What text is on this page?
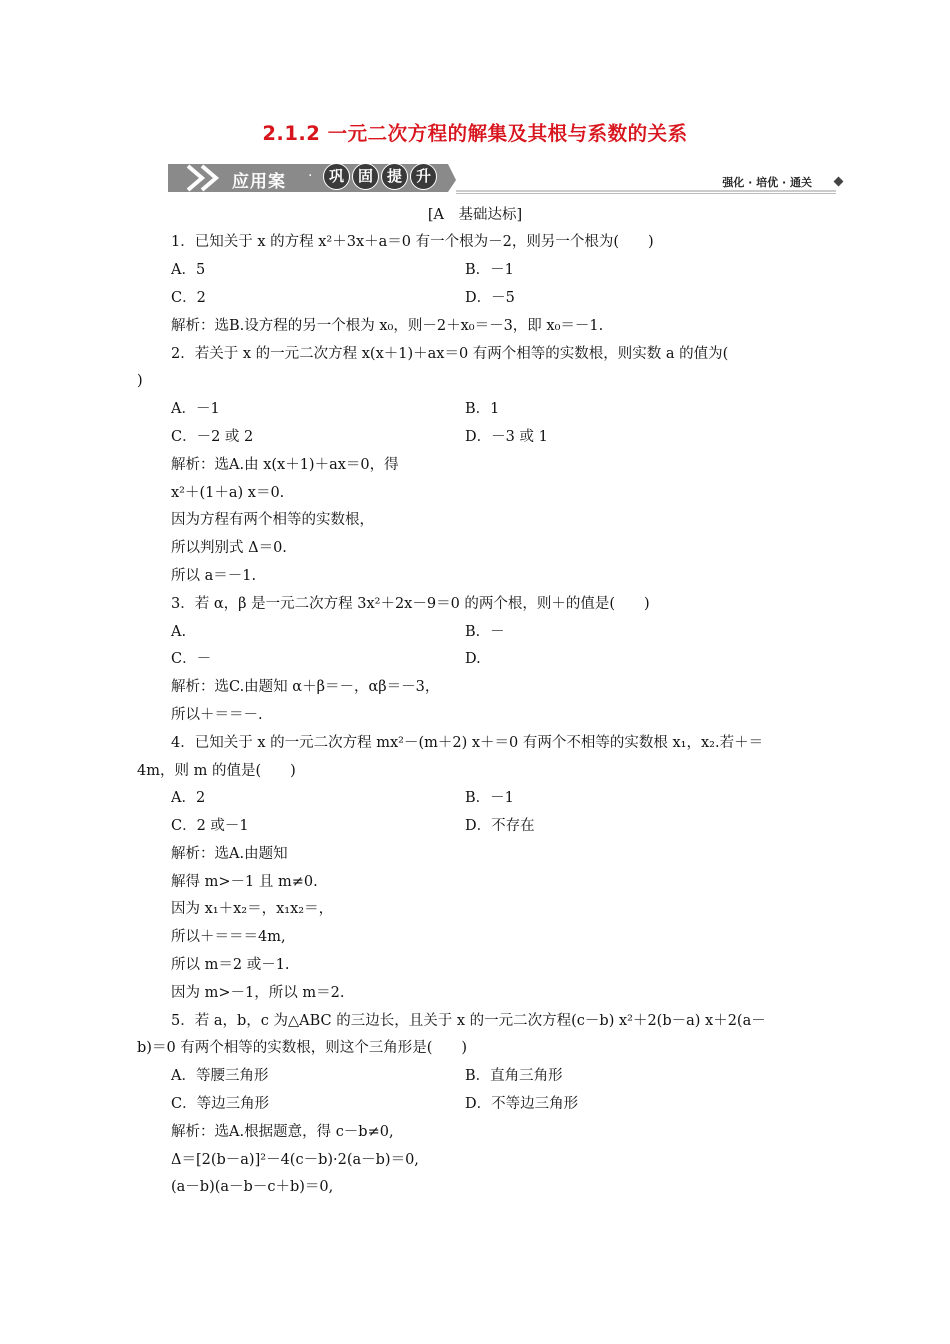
2.1.2 一元二次方程的解集及其根与系数的关系
应用案 ·	巩 固 提 升	强化 · 培优 · 通关
[A　基础达标]
1．已知关于 x 的方程 x²＋3x＋a＝0 有一个根为－2，则另一个根为(　　)
A．5	B．－1
C．2	D．－5
解析：选B.设方程的另一个根为 x₀，则－2＋x₀＝－3，即 x₀＝－1.
2．若关于 x 的一元二次方程 x(x＋1)＋ax＝0 有两个相等的实数根，则实数 a 的值为(
)
A．－1	B．1
C．－2 或 2	D．－3 或 1
解析：选A.由 x(x＋1)＋ax＝0，得
x²＋(1＋a) x＝0.
因为方程有两个相等的实数根，
所以判别式 Δ＝0.
所以 a＝－1.
3．若 α，β 是一元二次方程 3x²＋2x－9＝0 的两个根，则＋的值是(　　)
A.	B．－
C．－	D.
解析：选C.由题知 α＋β＝－，αβ＝－3，
所以＋＝＝－.
4．已知关于 x 的一元二次方程 mx²－(m＋2) x＋＝0 有两个不相等的实数根 x₁，x₂.若＋＝
4m，则 m 的值是(　　)
A．2	B．－1
C．2 或－1	D．不存在
解析：选A.由题知
解得 m>－1 且 m≠0.
因为 x₁＋x₂＝，x₁x₂＝，
所以＋＝＝＝4m,
所以 m＝2 或－1.
因为 m>－1，所以 m＝2.
5．若 a，b，c 为△ABC 的三边长，且关于 x 的一元二次方程(c－b) x²＋2(b－a) x＋2(a－
b)＝0 有两个相等的实数根，则这个三角形是(　　)
A．等腰三角形	B．直角三角形
C．等边三角形	D．不等边三角形
解析：选A.根据题意，得 c－b≠0,
Δ＝[2(b－a)]²－4(c－b)·2(a－b)＝0,
(a－b)(a－b－c＋b)＝0,
